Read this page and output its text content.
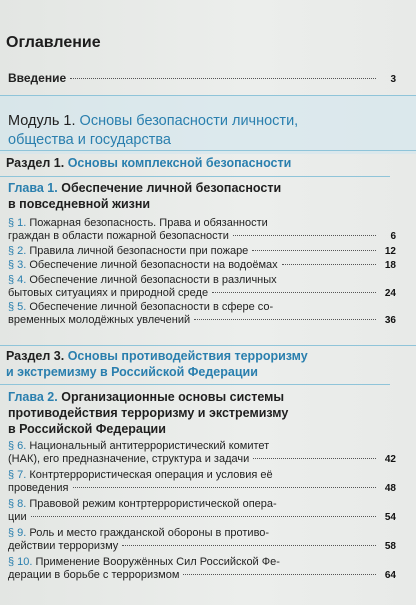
Оглавление
Введение	3
Модуль 1. Основы безопасности личности,
общества и государства
Раздел 1. Основы комплексной безопасности
Глава 1. Обеспечение личной безопасности
в повседневной жизни
§ 1. Пожарная безопасность. Права и обязанности
граждан в области пожарной безопасности	6
§ 2. Правила личной безопасности при пожаре	12
§ 3. Обеспечение личной безопасности на водоёмах	18
§ 4. Обеспечение личной безопасности в различных
бытовых ситуациях и природной среде	24
§ 5. Обеспечение личной безопасности в сфере со-
временных молодёжных увлечений	36
Раздел 3. Основы противодействия терроризму
и экстремизму в Российской Федерации
Глава 2. Организационные основы системы
противодействия терроризму и экстремизму
в Российской Федерации
§ 6. Национальный антитеррористический комитет
(НАК), его предназначение, структура и задачи	42
§ 7. Контртеррористическая операция и условия её
проведения	48
§ 8. Правовой режим контртеррористической опера-
ции	54
§ 9. Роль и место гражданской обороны в противо-
действии терроризму	58
§ 10. Применение Вооружённых Сил Российской Фе-
дерации в борьбе с терроризмом	64
